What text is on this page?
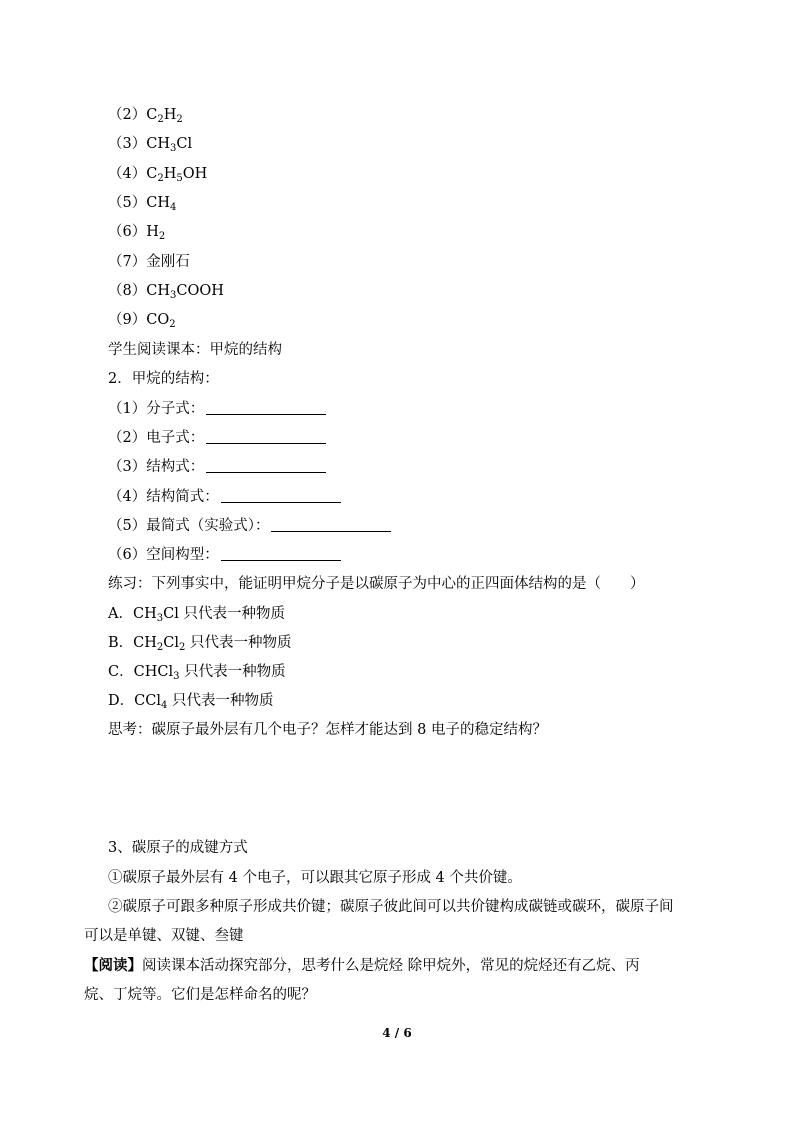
$(2)C_2H_2$
$(3)CH_3Cl$
$(4)C_2H_5OH$
$(5)CH_4$
$(6)H_2$
（7）金刚石
$(8)CH_3COOH$
$(9)CO_2$
学生阅读课本：甲烷的结构
2．甲烷的结构：
（1）分子式：
（2）电子式：
（3）结构式：
（4）结构简式：
（5）最简式（实验式）：
（6）空间构型：
练习：下列事实中，能证明甲烷分子是以碳原子为中心的正四面体结构的是（　　）
A．$CH_3Cl$ 只代表一种物质
B．$CH_2Cl_2$ 只代表一种物质
C．CHCl$_3$ 只代表一种物质
D．CCl$_4$ 只代表一种物质
思考：碳原子最外层有几个电子？怎样才能达到 8 电子的稳定结构？
3、碳原子的成键方式
①碳原子最外层有 4 个电子，可以跟其它原子形成 4 个共价键。
②碳原子可跟多种原子形成共价键；碳原子彼此间可以共价键构成碳链或碳环，碳原子间
可以是单键、双键、叁键
【阅读】阅读课本活动探究部分，思考什么是烷烃 除甲烷外，常见的烷烃还有乙烷、丙
烷、丁烷等。它们是怎样命名的呢？
4 / 6
